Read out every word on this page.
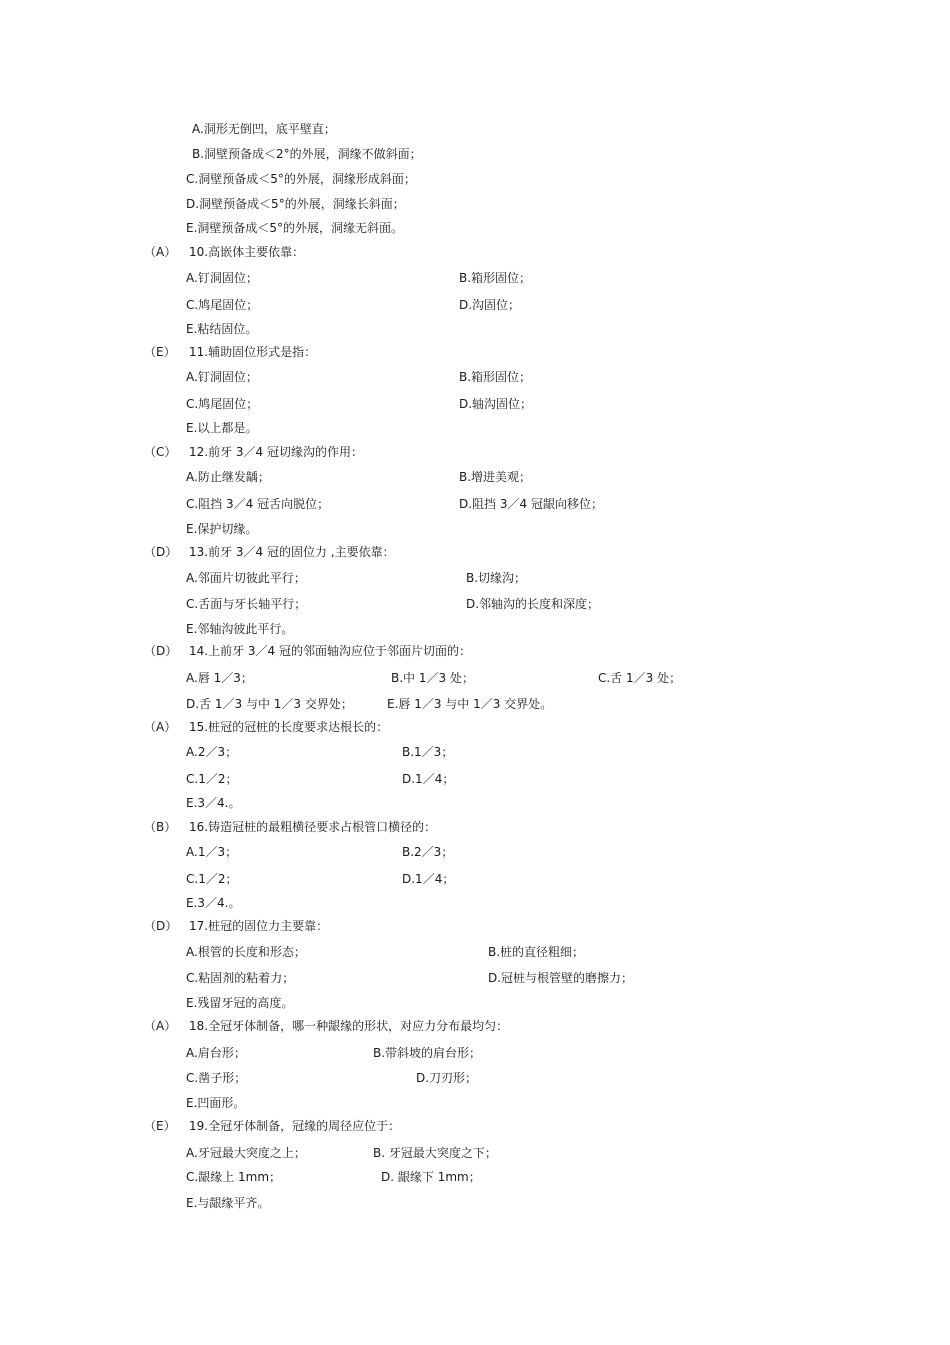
A.洞形无倒凹，底平壁直；
B.洞壁预备成＜2°的外展，洞缘不做斜面；
C.洞壁预备成＜5°的外展，洞缘形成斜面；
D.洞壁预备成＜5°的外展，洞缘长斜面；
E.洞壁预备成＜5°的外展，洞缘无斜面。
（A） 10.高嵌体主要依靠：
A.钉洞固位；	B.箱形固位；
C.鸠尾固位；	D.沟固位；
E.粘结固位。
（E） 11.辅助固位形式是指：
A.钉洞固位；	B.箱形固位；
C.鸠尾固位；	D.轴沟固位；
E.以上都是。
（C） 12.前牙 3／4 冠切缘沟的作用：
A.防止继发龋；	B.增进美观；
C.阻挡 3／4 冠舌向脱位；	D.阻挡 3／4 冠龈向移位；
E.保护切缘。
（D） 13.前牙 3／4 冠的固位力 ,主要依靠：
A.邻面片切彼此平行；	B.切缘沟；
C.舌面与牙长轴平行；	D.邻轴沟的长度和深度；
E.邻轴沟彼此平行。
（D） 14.上前牙 3／4 冠的邻面轴沟应位于邻面片切面的：
A.唇 1／3；	B.中 1／3 处；	C.舌 1／3 处；
D.舌 1／3 与中 1／3 交界处；	E.唇 1／3 与中 1／3 交界处。
（A） 15.桩冠的冠桩的长度要求达根长的：
A.2／3；	B.1／3；
C.1／2；	D.1／4；
E.3／4.。
（B） 16.铸造冠桩的最粗横径要求占根管口横径的：
A.1／3；	B.2／3；
C.1／2；	D.1／4；
E.3／4.。
（D） 17.桩冠的固位力主要靠：
A.根管的长度和形态；	B.桩的直径粗细；
C.粘固剂的粘着力；	D.冠桩与根管壁的磨擦力；
E.残留牙冠的高度。
（A） 18.全冠牙体制备，哪一种龈缘的形状，对应力分布最均匀：
A.肩台形；	B.带斜坡的肩台形；
C.凿子形；	D.刀刃形；
E.凹面形。
（E） 19.全冠牙体制备，冠缘的周径应位于：
A.牙冠最大突度之上；	B. 牙冠最大突度之下；
C.龈缘上 1mm；	D. 龈缘下 1mm；
E.与龈缘平齐。
